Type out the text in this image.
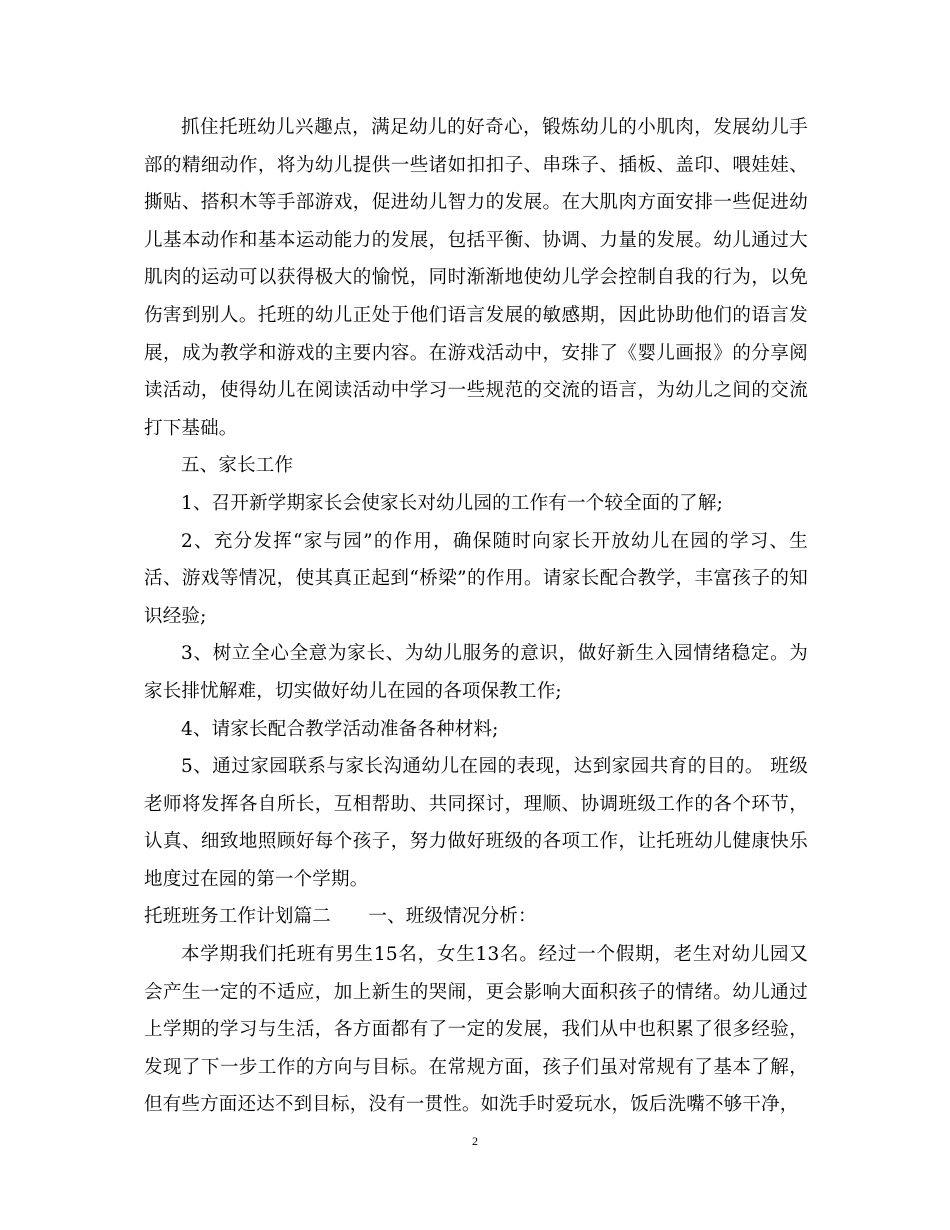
抓住托班幼儿兴趣点，满足幼儿的好奇心，锻炼幼儿的小肌肉，发展幼儿手部的精细动作，将为幼儿提供一些诸如扣扣子、串珠子、插板、盖印、喂娃娃、撕贴、搭积木等手部游戏，促进幼儿智力的发展。在大肌肉方面安排一些促进幼儿基本动作和基本运动能力的发展，包括平衡、协调、力量的发展。幼儿通过大肌肉的运动可以获得极大的愉悦，同时渐渐地使幼儿学会控制自我的行为，以免伤害到别人。托班的幼儿正处于他们语言发展的敏感期，因此协助他们的语言发展，成为教学和游戏的主要内容。在游戏活动中，安排了《婴儿画报》的分享阅读活动，使得幼儿在阅读活动中学习一些规范的交流的语言，为幼儿之间的交流打下基础。

五、家长工作

1、召开新学期家长会使家长对幼儿园的工作有一个较全面的了解;

2、充分发挥“家与园”的作用，确保随时向家长开放幼儿在园的学习、生活、游戏等情况，使其真正起到“桥梁”的作用。请家长配合教学，丰富孩子的知识经验;

3、树立全心全意为家长、为幼儿服务的意识，做好新生入园情绪稳定。为家长排忧解难，切实做好幼儿在园的各项保教工作;

4、请家长配合教学活动准备各种材料;

5、通过家园联系与家长沟通幼儿在园的表现，达到家园共育的目的。 班级老师将发挥各自所长，互相帮助、共同探讨，理顺、协调班级工作的各个环节，认真、细致地照顾好每个孩子，努力做好班级的各项工作，让托班幼儿健康快乐地度过在园的第一个学期。

托班班务工作计划篇二　　一、班级情况分析：

本学期我们托班有男生15名，女生13名。经过一个假期，老生对幼儿园又会产生一定的不适应，加上新生的哭闹，更会影响大面积孩子的情绪。幼儿通过上学期的学习与生活，各方面都有了一定的发展，我们从中也积累了很多经验，发现了下一步工作的方向与目标。在常规方面，孩子们虽对常规有了基本了解，但有些方面还达不到目标，没有一贯性。如洗手时爱玩水，饭后洗嘴不够干净，

2
